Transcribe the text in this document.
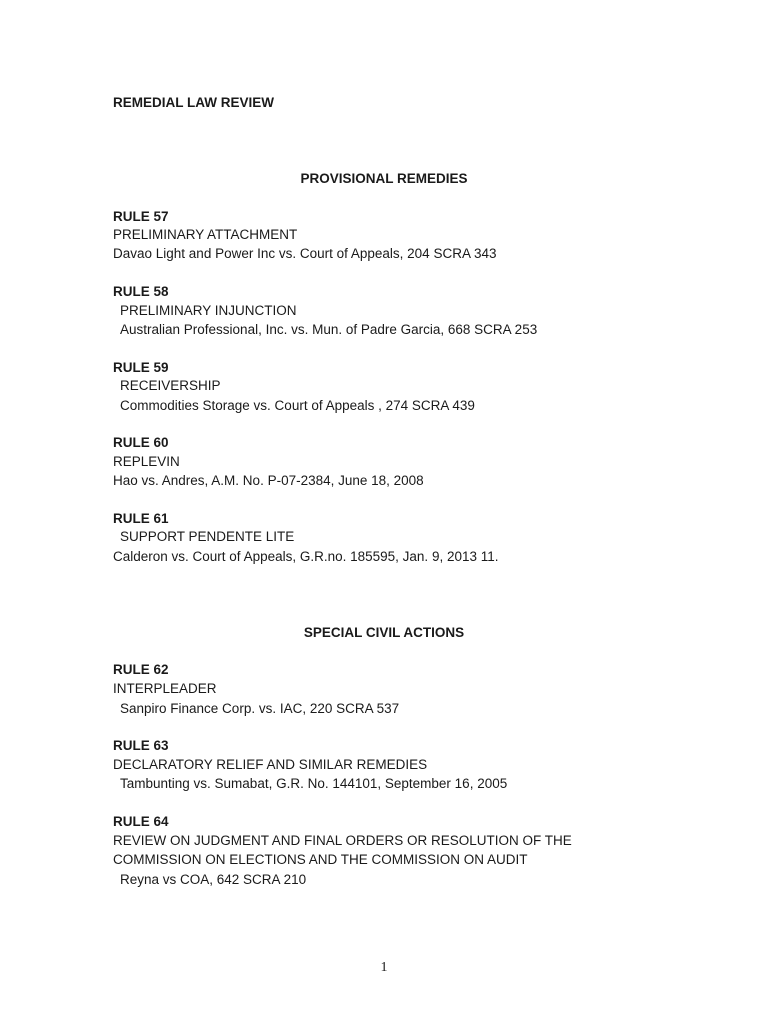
REMEDIAL LAW REVIEW
PROVISIONAL REMEDIES
RULE 57
PRELIMINARY ATTACHMENT
Davao Light and Power Inc vs. Court of Appeals, 204 SCRA 343
RULE 58
PRELIMINARY INJUNCTION
Australian Professional, Inc. vs. Mun. of Padre Garcia, 668 SCRA 253
RULE 59
RECEIVERSHIP
Commodities Storage vs. Court of Appeals , 274 SCRA 439
RULE 60
REPLEVIN
Hao vs. Andres, A.M. No. P-07-2384, June 18, 2008
RULE 61
SUPPORT PENDENTE LITE
Calderon vs. Court of Appeals, G.R.no. 185595, Jan. 9, 2013 11.
SPECIAL CIVIL ACTIONS
RULE 62
INTERPLEADER
Sanpiro Finance Corp. vs. IAC, 220 SCRA 537
RULE 63
DECLARATORY RELIEF AND SIMILAR REMEDIES
Tambunting vs. Sumabat, G.R. No. 144101, September 16, 2005
RULE 64
REVIEW ON JUDGMENT AND FINAL ORDERS OR RESOLUTION OF THE
COMMISSION ON ELECTIONS AND THE COMMISSION ON AUDIT
Reyna vs COA, 642 SCRA 210
1
